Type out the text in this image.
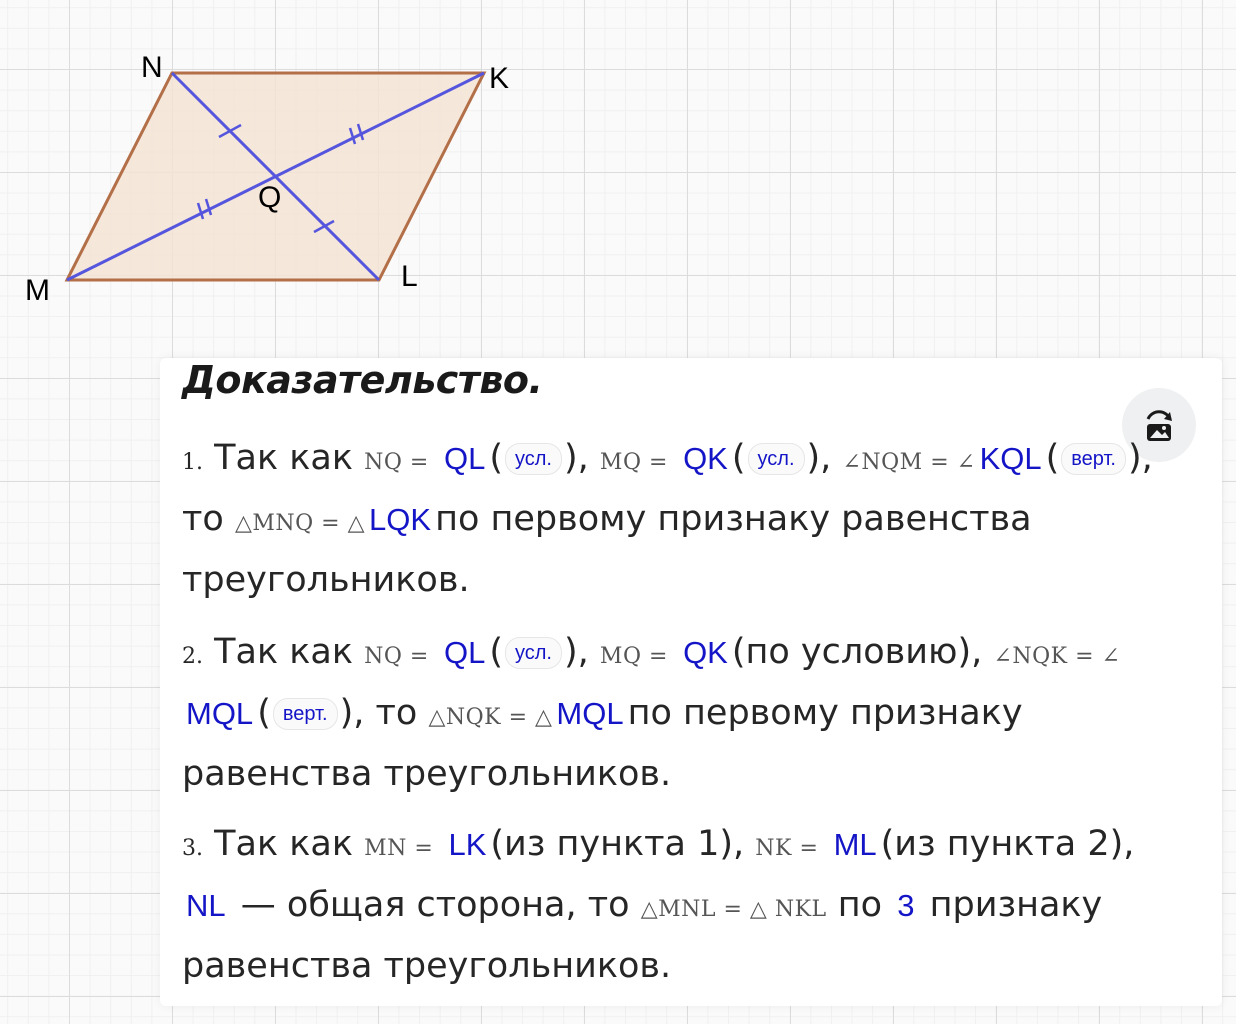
N	K
M	L
Q
Доказательство.
1. Так как NQ = QL ( усл. ), MQ = QK ( усл. ), ∠NQM = ∠ KQL ( верт. ), то △MNQ = △ LQK по первому признаку равенства треугольников.
2. Так как NQ = QL ( усл. ), MQ = QK (по условию), ∠NQK = ∠ MQL ( верт. ), то △NQK = △ MQL по первому признаку равенства треугольников.
3. Так как MN = LK (из пункта 1), NK = ML (из пункта 2), NL — общая сторона, то △MNL = △ NKL по 3 признаку равенства треугольников.
